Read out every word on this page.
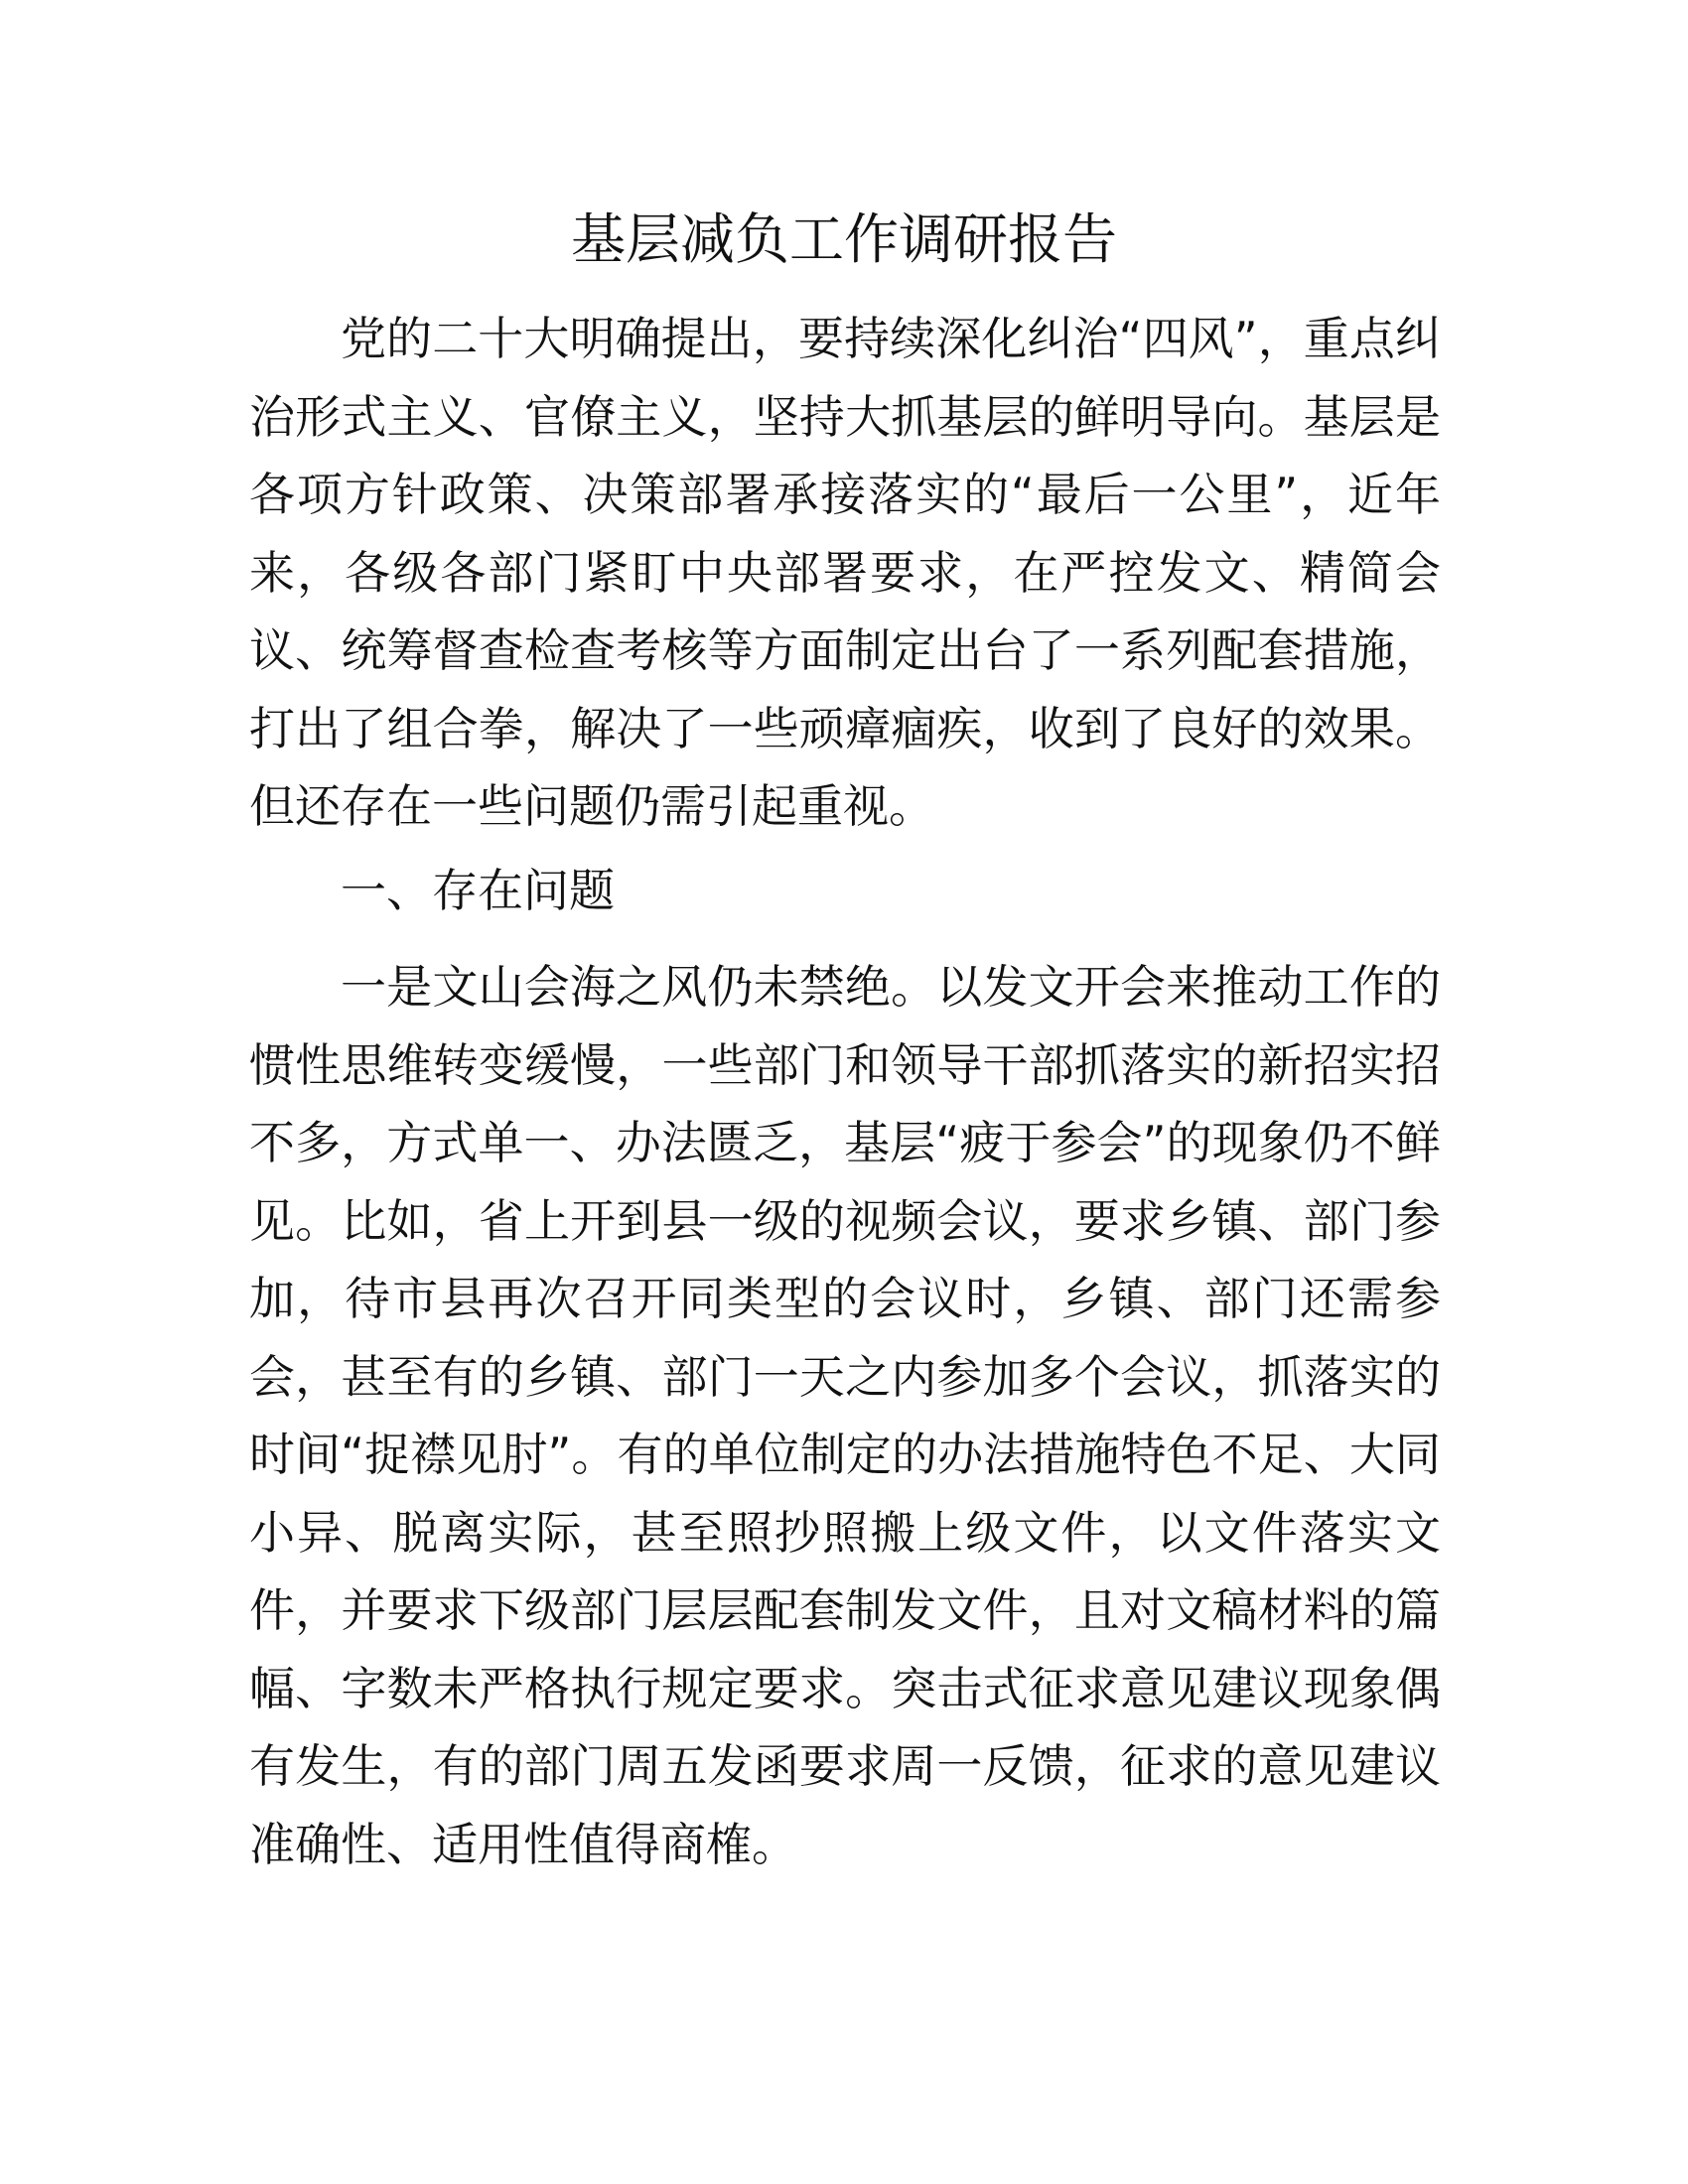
基层减负工作调研报告

党的二十大明确提出，要持续深化纠治“四风”，重点纠治形式主义、官僚主义，坚持大抓基层的鲜明导向。基层是各项方针政策、决策部署承接落实的“最后一公里”，近年来，各级各部门紧盯中央部署要求，在严控发文、精简会议、统筹督查检查考核等方面制定出台了一系列配套措施，打出了组合拳，解决了一些顽瘴痼疾，收到了良好的效果。但还存在一些问题仍需引起重视。

一、存在问题

一是文山会海之风仍未禁绝。以发文开会来推动工作的惯性思维转变缓慢，一些部门和领导干部抓落实的新招实招不多，方式单一、办法匮乏，基层“疲于参会”的现象仍不鲜见。比如，省上开到县一级的视频会议，要求乡镇、部门参加，待市县再次召开同类型的会议时，乡镇、部门还需参会，甚至有的乡镇、部门一天之内参加多个会议，抓落实的时间“捉襟见肘”。有的单位制定的办法措施特色不足、大同小异、脱离实际，甚至照抄照搬上级文件，以文件落实文件，并要求下级部门层层配套制发文件，且对文稿材料的篇幅、字数未严格执行规定要求。突击式征求意见建议现象偶有发生，有的部门周五发函要求周一反馈，征求的意见建议准确性、适用性值得商榷。
